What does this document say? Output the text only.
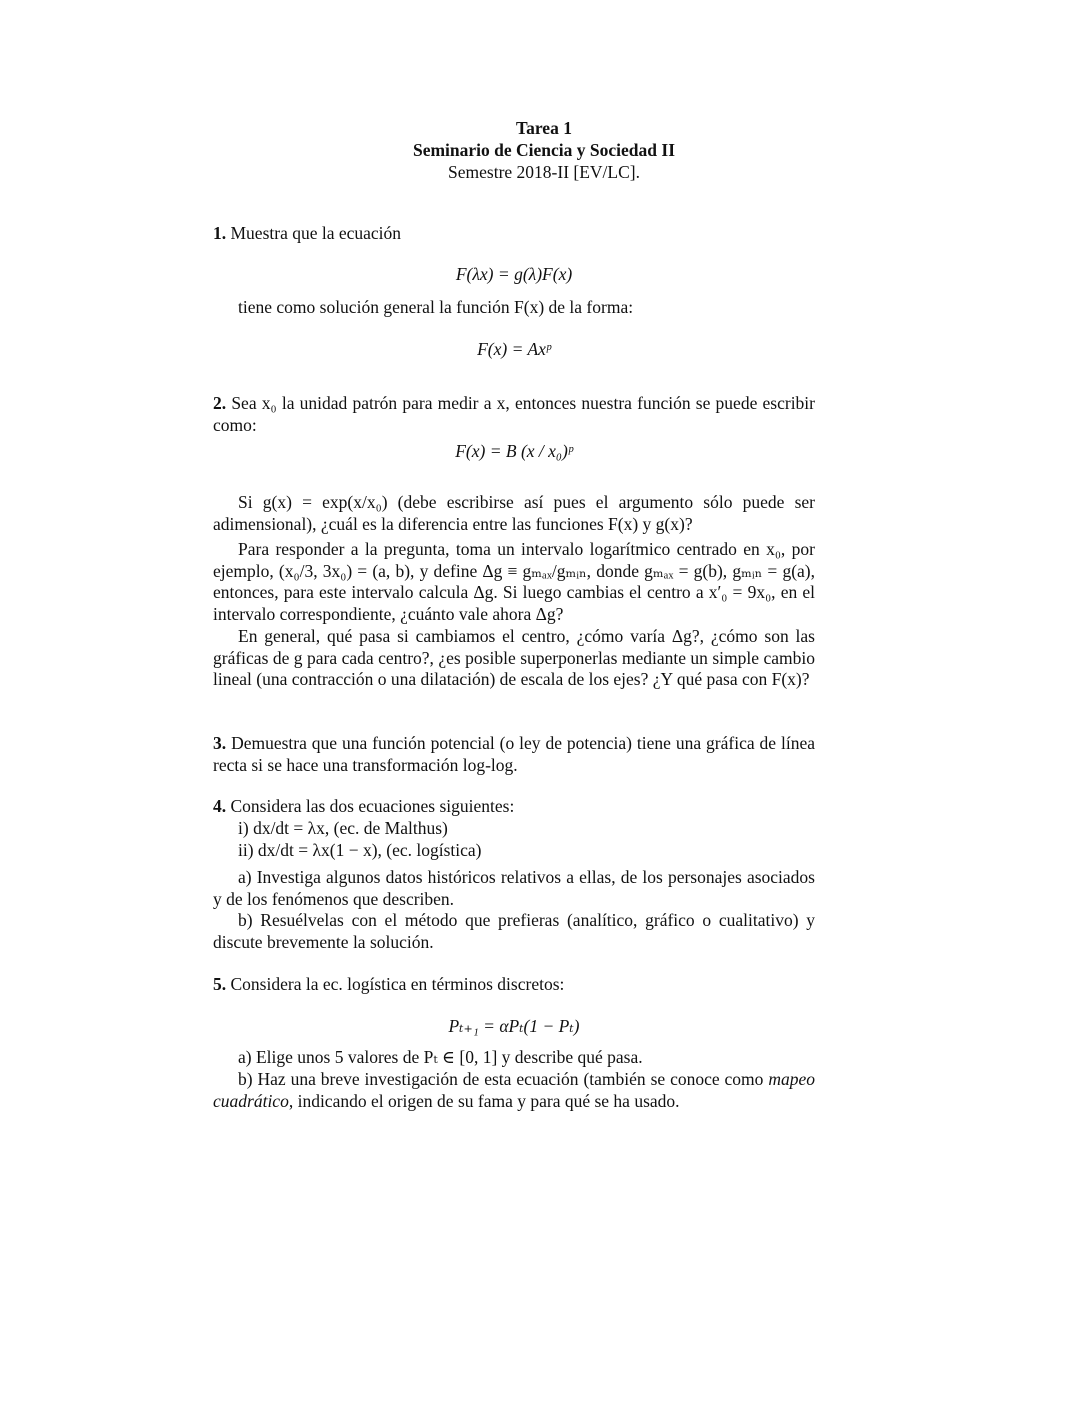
Tarea 1
Seminario de Ciencia y Sociedad II
Semestre 2018-II [EV/LC].
1. Muestra que la ecuación
F(λx) = g(λ)F(x)
tiene como solución general la función F(x) de la forma:
F(x) = Axᵖ
2. Sea x₀ la unidad patrón para medir a x, entonces nuestra función se puede escribir como:
F(x) = B (x / x₀)ᵖ
Si g(x) = exp(x/x₀) (debe escribirse así pues el argumento sólo puede ser adimensional), ¿cuál es la diferencia entre las funciones F(x) y g(x)?
Para responder a la pregunta, toma un intervalo logarítmico centrado en x₀, por ejemplo, (x₀/3, 3x₀) = (a, b), y define Δg ≡ gₘₐₓ/gₘᵢₙ, donde gₘₐₓ = g(b), gₘᵢₙ = g(a), entonces, para este intervalo calcula Δg. Si luego cambias el centro a x′₀ = 9x₀, en el intervalo correspondiente, ¿cuánto vale ahora Δg?
En general, qué pasa si cambiamos el centro, ¿cómo varía Δg?, ¿cómo son las gráficas de g para cada centro?, ¿es posible superponerlas mediante un simple cambio lineal (una contracción o una dilatación) de escala de los ejes? ¿Y qué pasa con F(x)?
3. Demuestra que una función potencial (o ley de potencia) tiene una gráfica de línea recta si se hace una transformación log-log.
4. Considera las dos ecuaciones siguientes:
i) dx/dt = λx, (ec. de Malthus)
ii) dx/dt = λx(1 − x), (ec. logística)
a) Investiga algunos datos históricos relativos a ellas, de los personajes asociados y de los fenómenos que describen.
b) Resuélvelas con el método que prefieras (analítico, gráfico o cualitativo) y discute brevemente la solución.
5. Considera la ec. logística en términos discretos:
Pₜ₊₁ = αPₜ(1 − Pₜ)
a) Elige unos 5 valores de Pₜ ∈ [0, 1] y describe qué pasa.
b) Haz una breve investigación de esta ecuación (también se conoce como mapeo cuadrático, indicando el origen de su fama y para qué se ha usado.
